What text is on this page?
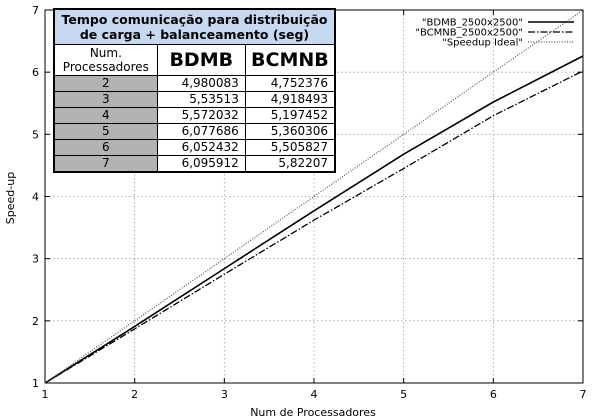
1	2	3	4	5	6	7
1
2
3
4
5
6
7
"BDMB_2500x2500"
"BCMNB_2500x2500"
"Speedup Ideal"
Num de Processadores
Speed-up
Tempo comunicação para distribuição de carga + balanceamento (seg)		
Num. Processadores	BDMB	BCMNB
2	4,980083	4,752376
3	5,53513	4,918493
4	5,572032	5,197452
5	6,077686	5,360306
6	6,052432	5,505827
7	6,095912	5,82207
